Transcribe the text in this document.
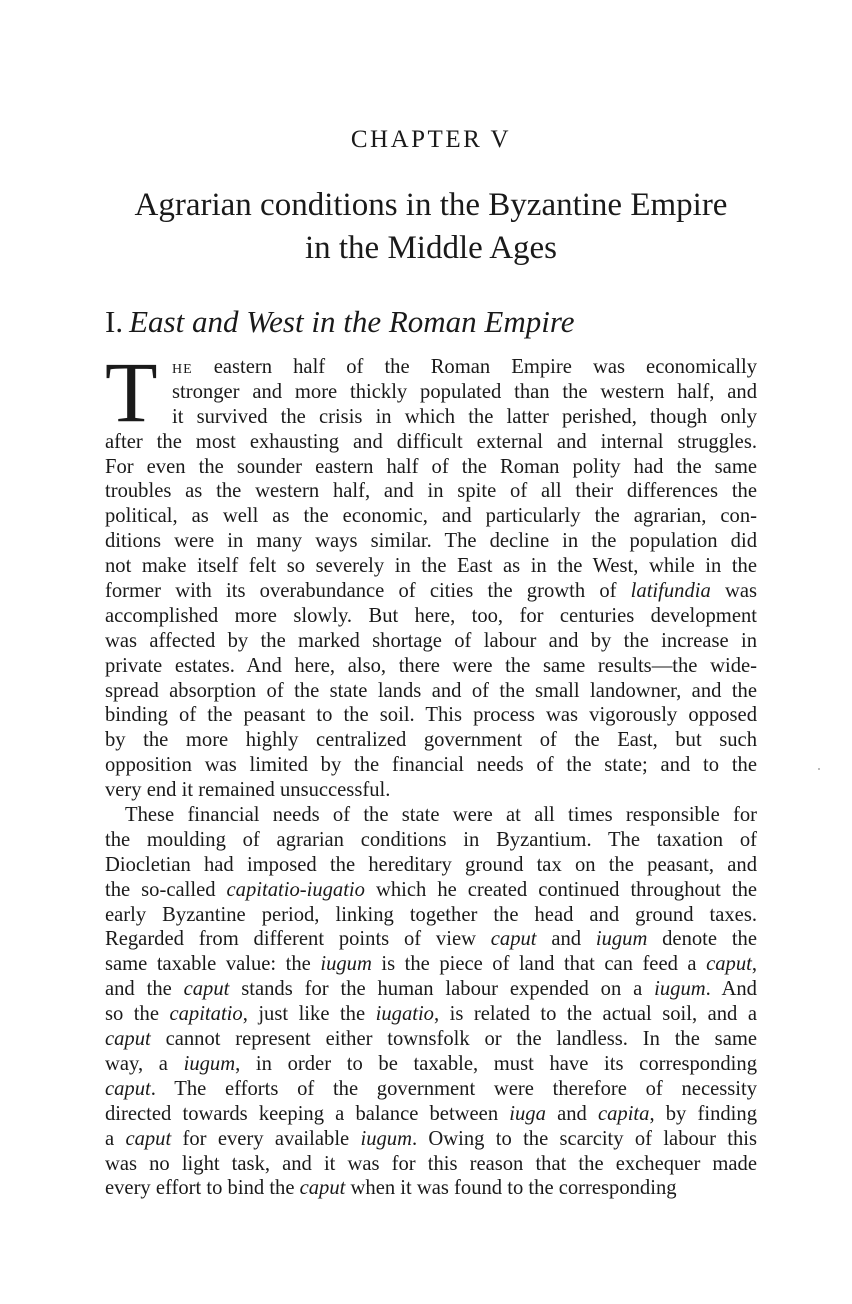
CHAPTER V
Agrarian conditions in the Byzantine Empire
in the Middle Ages
I. East and West in the Roman Empire
T he eastern half of the Roman Empire was economically
stronger and more thickly populated than the western half, and
it survived the crisis in which the latter perished, though only
after the most exhausting and difficult external and internal struggles.
For even the sounder eastern half of the Roman polity had the same
troubles as the western half, and in spite of all their differences the
political, as well as the economic, and particularly the agrarian, con-
ditions were in many ways similar. The decline in the population did
not make itself felt so severely in the East as in the West, while in the
former with its overabundance of cities the growth of latifundia was
accomplished more slowly. But here, too, for centuries development
was affected by the marked shortage of labour and by the increase in
private estates. And here, also, there were the same results—the wide-
spread absorption of the state lands and of the small landowner, and the
binding of the peasant to the soil. This process was vigorously opposed
by the more highly centralized government of the East, but such
opposition was limited by the financial needs of the state; and to the
very end it remained unsuccessful.
These financial needs of the state were at all times responsible for
the moulding of agrarian conditions in Byzantium. The taxation of
Diocletian had imposed the hereditary ground tax on the peasant, and
the so-called capitatio-iugatio which he created continued throughout the
early Byzantine period, linking together the head and ground taxes.
Regarded from different points of view caput and iugum denote the
same taxable value: the iugum is the piece of land that can feed a caput,
and the caput stands for the human labour expended on a iugum. And
so the capitatio, just like the iugatio, is related to the actual soil, and a
caput cannot represent either townsfolk or the landless. In the same
way, a iugum, in order to be taxable, must have its corresponding
caput. The efforts of the government were therefore of necessity
directed towards keeping a balance between iuga and capita, by finding
a caput for every available iugum. Owing to the scarcity of labour this
was no light task, and it was for this reason that the exchequer made
every effort to bind the caput when it was found to the corresponding
